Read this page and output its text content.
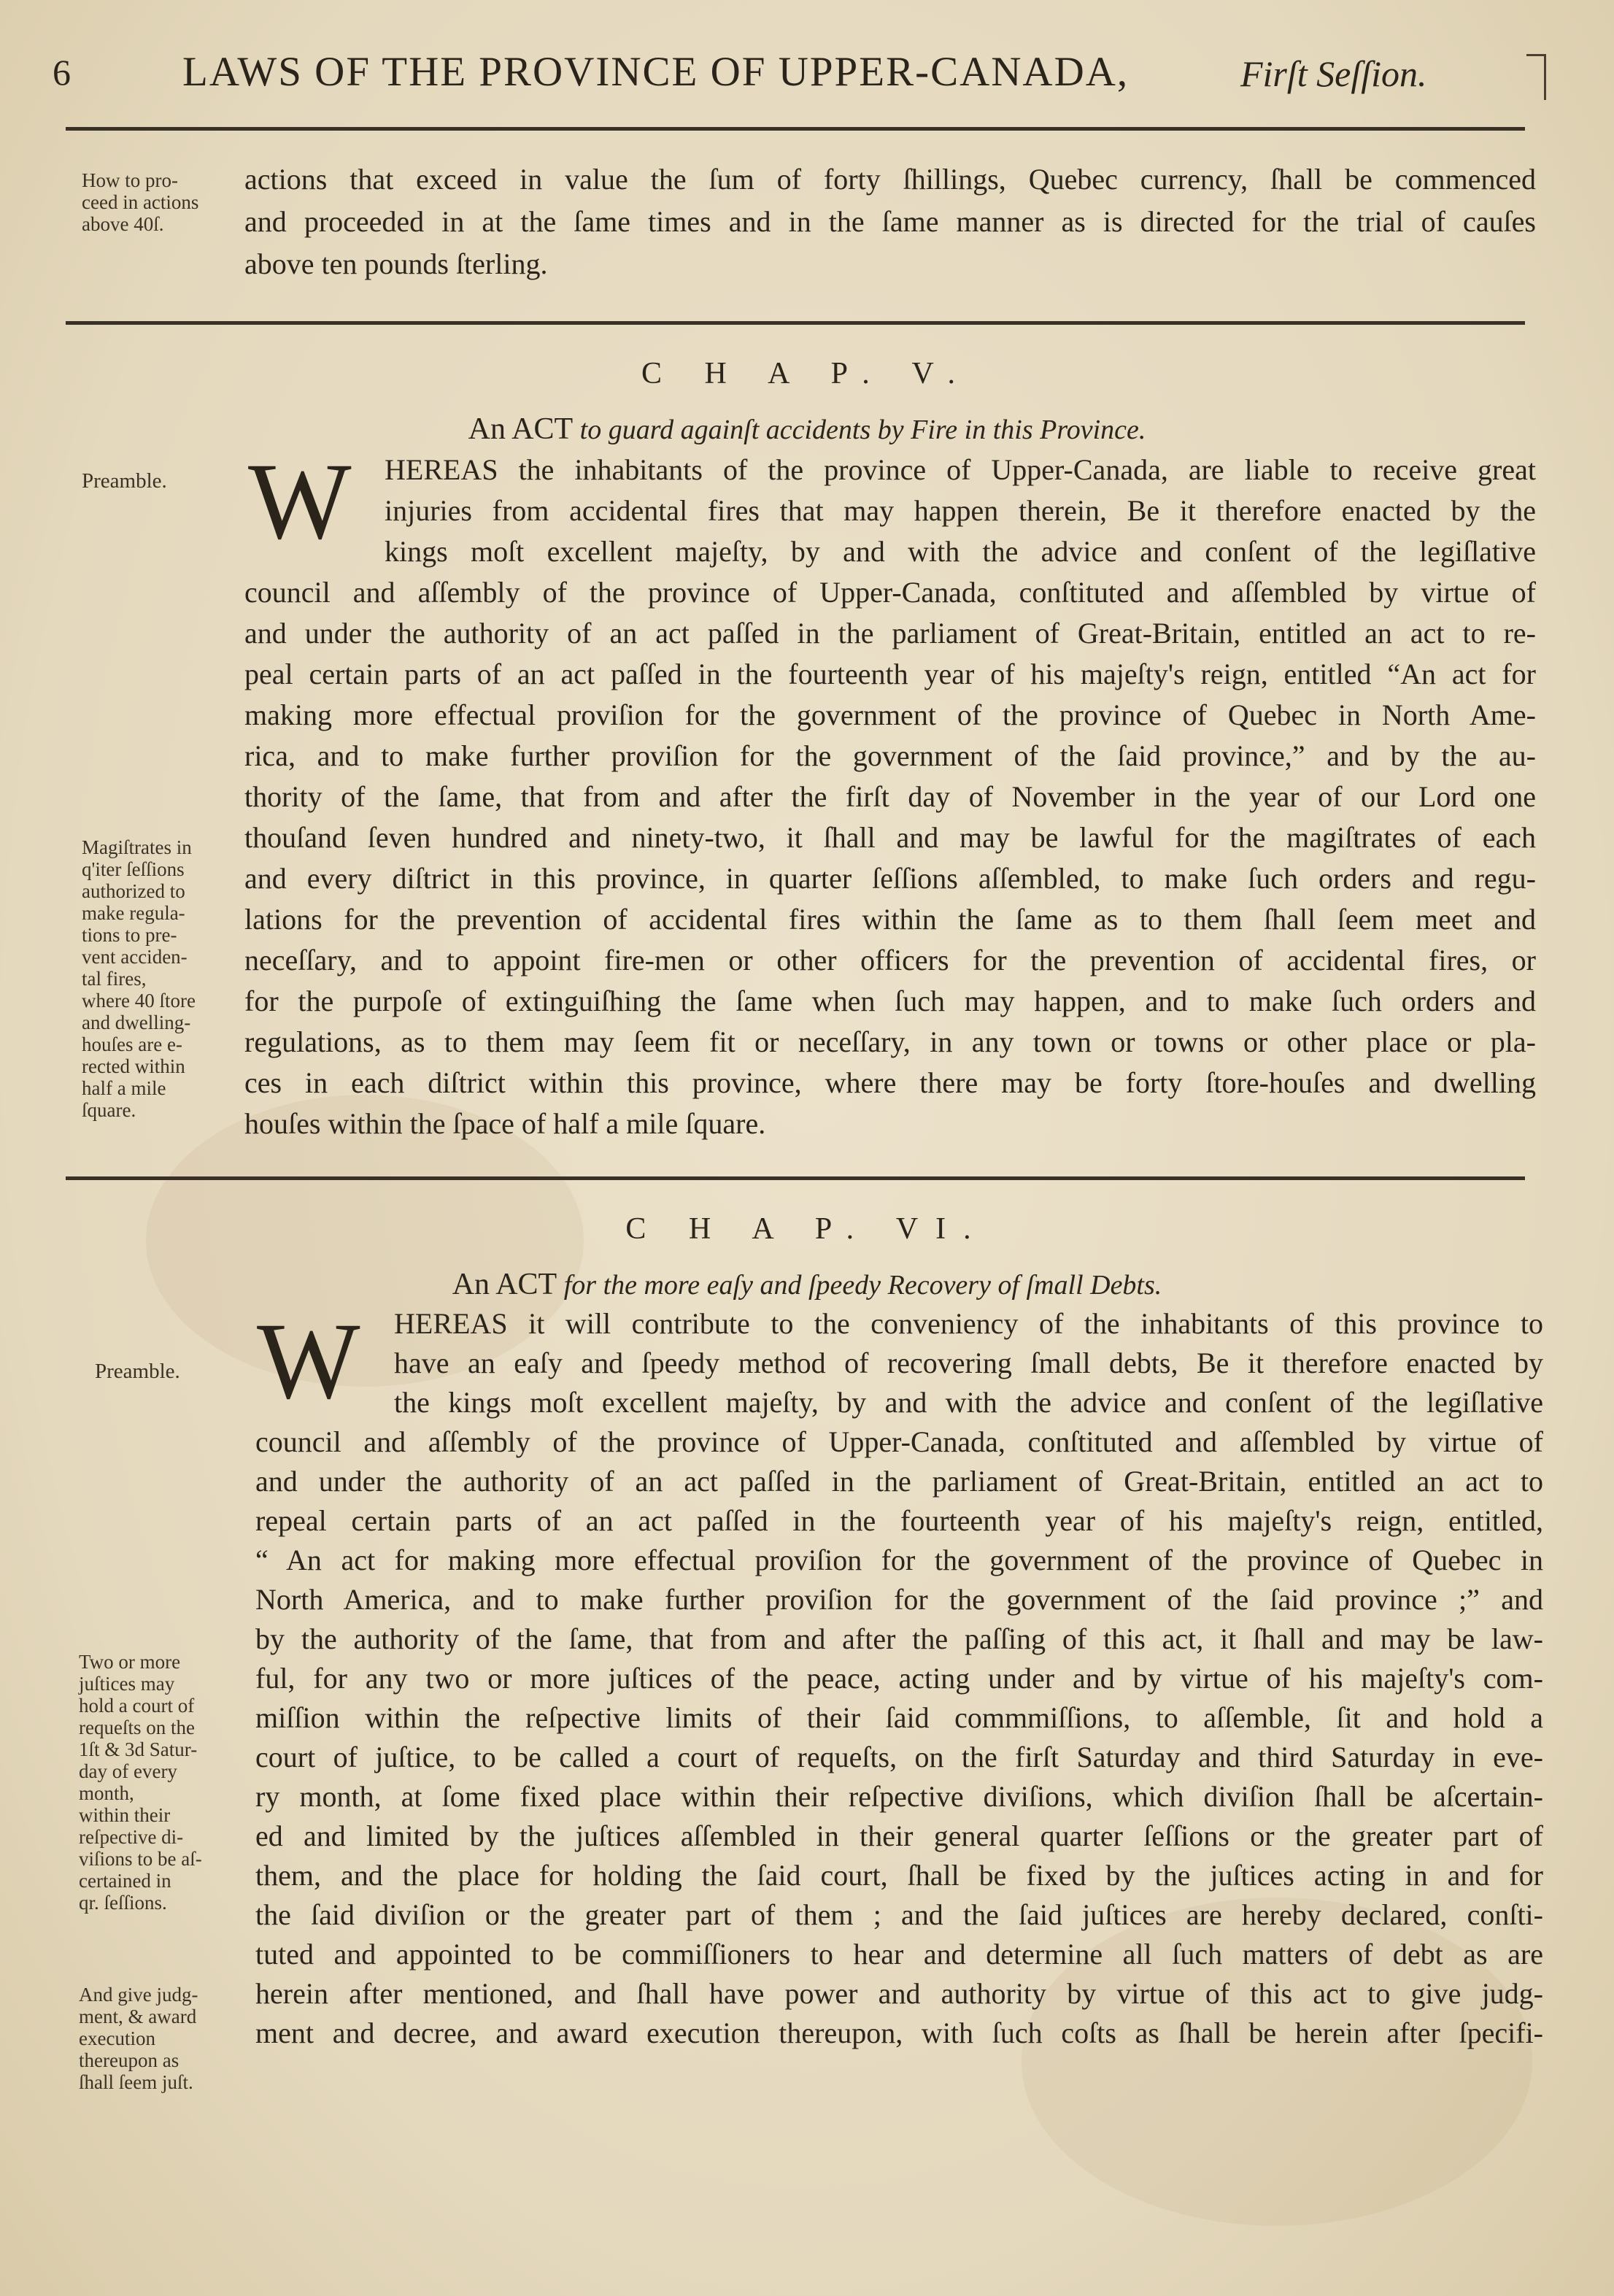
6	LAWS OF THE PROVINCE OF UPPER-CANADA,	Firſt Seſſion.
How to pro-
ceed in actions
above 40ſ.
actions that exceed in value the ſum of forty ſhillings, Quebec currency, ſhall be commenced
and proceeded in at the ſame times and in the ſame manner as is directed for the trial of cauſes
above ten pounds ſterling.
C H A P. V.
An ACT to guard againſt accidents by Fire in this Province.
Preamble. W
Magiſtrates in
q'iter ſeſſions
authorized to
make regula-
tions to pre-
vent acciden-
tal fires,
where 40 ſtore
and dwelling-
houſes are e-
rected within
half a mile
ſquare.
HEREAS the inhabitants of the province of Upper-Canada, are liable to receive great
injuries from accidental fires that may happen therein, Be it therefore enacted by the
kings moſt excellent majeſty, by and with the advice and conſent of the legiſlative
council and aſſembly of the province of Upper-Canada, conſtituted and aſſembled by virtue of
and under the authority of an act paſſed in the parliament of Great-Britain, entitled an act to re-
peal certain parts of an act paſſed in the fourteenth year of his majeſty's reign, entitled “An act for
making more effectual proviſion for the government of the province of Quebec in North Ame-
rica, and to make further proviſion for the government of the ſaid province,” and by the au-
thority of the ſame, that from and after the firſt day of November in the year of our Lord one
thouſand ſeven hundred and ninety-two, it ſhall and may be lawful for the magiſtrates of each
and every diſtrict in this province, in quarter ſeſſions aſſembled, to make ſuch orders and regu-
lations for the prevention of accidental fires within the ſame as to them ſhall ſeem meet and
neceſſary, and to appoint fire-men or other officers for the prevention of accidental fires, or
for the purpoſe of extinguiſhing the ſame when ſuch may happen, and to make ſuch orders and
regulations, as to them may ſeem fit or neceſſary, in any town or towns or other place or pla-
ces in each diſtrict within this province, where there may be forty ſtore-houſes and dwelling
houſes within the ſpace of half a mile ſquare.
C H A P. VI.
An ACT for the more eaſy and ſpeedy Recovery of ſmall Debts.
Preamble. W
Two or more
juſtices may
hold a court of
requeſts on the
1ſt & 3d Satur-
day of every
month,
within their
reſpective di-
viſions to be aſ-
certained in
qr. ſeſſions.
And give judg-
ment, & award
execution
thereupon as
ſhall ſeem juſt.
HEREAS it will contribute to the conveniency of the inhabitants of this province to
have an eaſy and ſpeedy method of recovering ſmall debts, Be it therefore enacted by
the kings moſt excellent majeſty, by and with the advice and conſent of the legiſlative
council and aſſembly of the province of Upper-Canada, conſtituted and aſſembled by virtue of
and under the authority of an act paſſed in the parliament of Great-Britain, entitled an act to
repeal certain parts of an act paſſed in the fourteenth year of his majeſty's reign, entitled,
“ An act for making more effectual proviſion for the government of the province of Quebec in
North America, and to make further proviſion for the government of the ſaid province ;” and
by the authority of the ſame, that from and after the paſſing of this act, it ſhall and may be law-
ful, for any two or more juſtices of the peace, acting under and by virtue of his majeſty's com-
miſſion within the reſpective limits of their ſaid commmiſſions, to aſſemble, ſit and hold a
court of juſtice, to be called a court of requeſts, on the firſt Saturday and third Saturday in eve-
ry month, at ſome fixed place within their reſpective diviſions, which diviſion ſhall be aſcertain-
ed and limited by the juſtices aſſembled in their general quarter ſeſſions or the greater part of
them, and the place for holding the ſaid court, ſhall be fixed by the juſtices acting in and for
the ſaid diviſion or the greater part of them ; and the ſaid juſtices are hereby declared, conſti-
tuted and appointed to be commiſſioners to hear and determine all ſuch matters of debt as are
herein after mentioned, and ſhall have power and authority by virtue of this act to give judg-
ment and decree, and award execution thereupon, with ſuch coſts as ſhall be herein after ſpecifi-
